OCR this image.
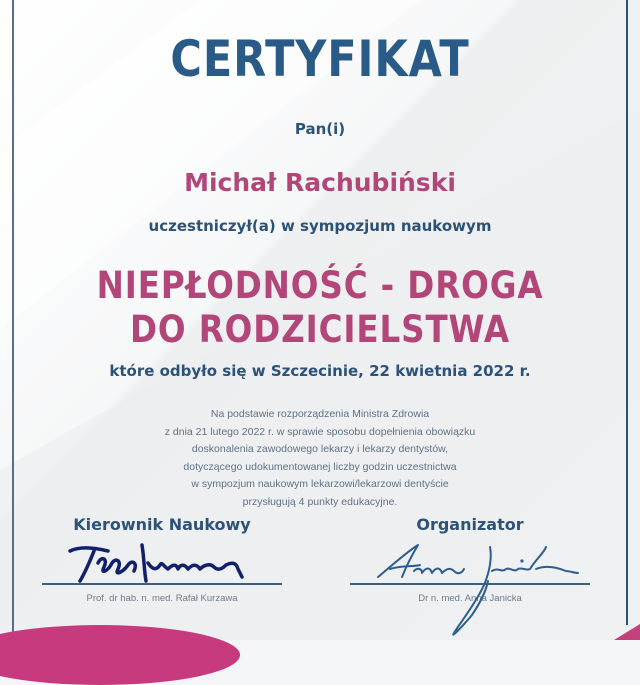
CERTYFIKAT
Pan(i)
Michał Rachubiński
uczestniczył(a) w sympozjum naukowym
NIEPŁODNOŚĆ - DROGA
DO RODZICIELSTWA
które odbyło się w Szczecinie, 22 kwietnia 2022 r.
Na podstawie rozporządzenia Ministra Zdrowia
z dnia 21 lutego 2022 r. w sprawie sposobu dopełnienia obowiązku
doskonalenia zawodowego lekarzy i lekarzy dentystów,
dotyczącego udokumentowanej liczby godzin uczestnictwa
w sympozjum naukowym lekarzowi/lekarzowi dentyście
przysługują 4 punkty edukacyjne.
Kierownik Naukowy
Prof. dr hab. n. med. Rafał Kurzawa
Organizator
Dr n. med. Anna Janicka
